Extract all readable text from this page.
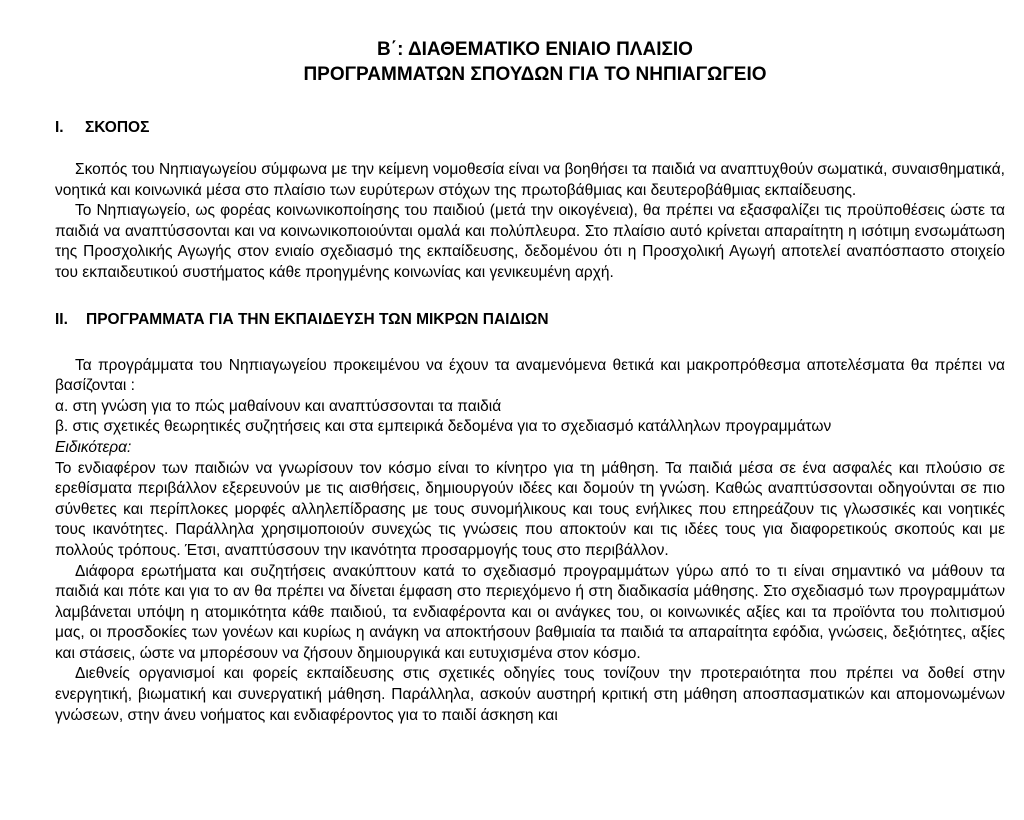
Β΄: ΔΙΑΘΕΜΑΤΙΚΟ ΕΝΙΑΙΟ ΠΛΑΙΣΙΟ
ΠΡΟΓΡΑΜΜΑΤΩΝ ΣΠΟΥΔΩΝ ΓΙΑ ΤΟ ΝΗΠΙΑΓΩΓΕΙΟ

Ι.	ΣΚΟΠΟΣ

Σκοπός του Νηπιαγωγείου σύμφωνα με την κείμενη νομοθεσία είναι να βοηθήσει τα παιδιά να αναπτυχθούν σωματικά, συναισθηματικά, νοητικά και κοινωνικά μέσα στο πλαίσιο των ευρύτερων στόχων της πρωτοβάθμιας και δευτεροβάθμιας εκπαίδευσης.

Το Νηπιαγωγείο, ως φορέας κοινωνικοποίησης του παιδιού (μετά την οικογένεια), θα πρέπει να εξασφαλίζει τις προϋποθέσεις ώστε τα παιδιά να αναπτύσσονται και να κοινωνικοποιούνται ομαλά και πολύπλευρα. Στο πλαίσιο αυτό κρίνεται απαραίτητη η ισότιμη ενσωμάτωση της Προσχολικής Αγωγής στον ενιαίο σχεδιασμό της εκπαίδευσης, δεδομένου ότι η Προσχολική Αγωγή αποτελεί αναπόσπαστο στοιχείο του εκπαιδευτικού συστήματος κάθε προηγμένης κοινωνίας και γενικευμένη αρχή.

ΙΙ.	ΠΡΟΓΡΑΜΜΑΤΑ ΓΙΑ ΤΗΝ ΕΚΠΑΙΔΕΥΣΗ ΤΩΝ ΜΙΚΡΩΝ ΠΑΙΔΙΩΝ

Τα προγράμματα του Νηπιαγωγείου προκειμένου να έχουν τα αναμενόμενα θετικά και μακροπρόθεσμα αποτελέσματα θα πρέπει να βασίζονται :

α. στη γνώση για το πώς μαθαίνουν και αναπτύσσονται τα παιδιά

β. στις σχετικές θεωρητικές συζητήσεις και στα εμπειρικά δεδομένα για το σχεδιασμό κατάλληλων προγραμμάτων

Ειδικότερα:

Το ενδιαφέρον των παιδιών να γνωρίσουν τον κόσμο είναι το κίνητρο για τη μάθηση. Τα παιδιά μέσα σε ένα ασφαλές και πλούσιο σε ερεθίσματα περιβάλλον εξερευνούν με τις αισθήσεις, δημιουργούν ιδέες και δομούν τη γνώση. Καθώς αναπτύσσονται οδηγούνται σε πιο σύνθετες και περίπλοκες μορφές αλληλεπίδρασης με τους συνομήλικους και τους ενήλικες που επηρεάζουν τις γλωσσικές και νοητικές τους ικανότητες. Παράλληλα χρησιμοποιούν συνεχώς τις γνώσεις που αποκτούν και τις ιδέες τους για διαφορετικούς σκοπούς και με πολλούς τρόπους. Έτσι, αναπτύσσουν την ικανότητα προσαρμογής τους στο περιβάλλον.

Διάφορα ερωτήματα και συζητήσεις ανακύπτουν κατά το σχεδιασμό προγραμμάτων γύρω από το τι είναι σημαντικό να μάθουν τα παιδιά και πότε και για το αν θα πρέπει να δίνεται έμφαση στο περιεχόμενο ή στη διαδικασία μάθησης. Στο σχεδιασμό των προγραμμάτων λαμβάνεται υπόψη η ατομικότητα κάθε παιδιού, τα ενδιαφέροντα και οι ανάγκες του, οι κοινωνικές αξίες και τα προϊόντα του πολιτισμού μας, οι προσδοκίες των γονέων και κυρίως η ανάγκη να αποκτήσουν βαθμιαία τα παιδιά τα απαραίτητα εφόδια, γνώσεις, δεξιότητες, αξίες και στάσεις, ώστε να μπορέσουν να ζήσουν δημιουργικά και ευτυχισμένα στον κόσμο.

Διεθνείς οργανισμοί και φορείς εκπαίδευσης στις σχετικές οδηγίες τους τονίζουν την προτεραιότητα που πρέπει να δοθεί στην ενεργητική, βιωματική και συνεργατική μάθηση. Παράλληλα, ασκούν αυστηρή κριτική στη μάθηση αποσπασματικών και απομονωμένων γνώσεων, στην άνευ νοήματος και ενδιαφέροντος για το παιδί άσκηση και
